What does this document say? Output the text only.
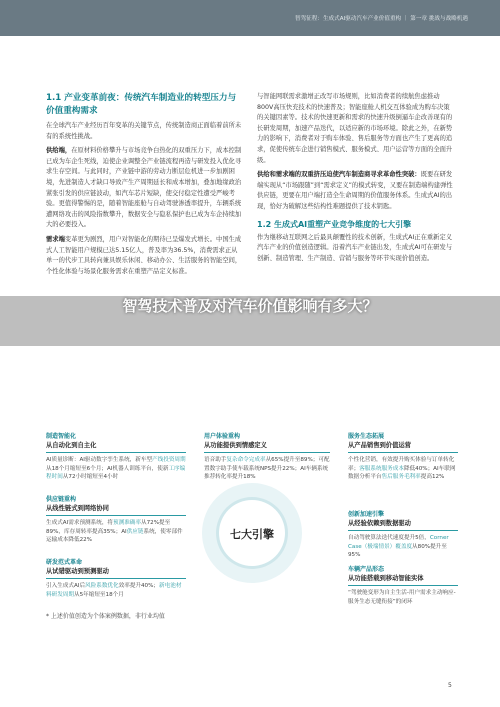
智驾征程：生成式AI驱动汽车产业价值重构 ｜ 第一章 挑战与战略机遇
1.1 产业变革前夜：传统汽车制造业的转型压力与价值重构需求
在全球汽车产业经历百年变革的关键节点，传统制造商正面临着前所未有的系统性挑战。
供给端，在原材料价格攀升与市场竞争白热化的双重压力下，成本控制已成为车企生死线，迫使企业调整全产业链流程再造与研发投入优化寻求生存空间。与此同时，产业链中游的劳动力断层危机进一步加剧困境，先进制造人才缺口导致产生产周期延长和成本增加，叠加地缘政治紧张引发的供应链波动，如汽车芯片短缺，使交付稳定性遭受严峻考验。更值得警惕的是，随着智能座舱与自动驾驶渗透率提升，车辆系统遭网络攻击的风险指数攀升，数据安全与隐私保护也已成为车企持续加大的必要投入。
需求端变革更为剧烈，用户对智能化的期待已呈爆发式增长。中国生成式人工智能用户规模已达5.15亿人，普及率为36.5%，消费需求正从单一的代步工具转向兼具娱乐休闲、移动办公、生活服务的智能空间，个性化体验与场景化服务需求在重塑产品定义标准。
与智能网联需求激增正改写市场规则，比如消费者的续航焦虑推动800V高压快充技术的快速普及；智能座舱人机交互体验成为购车决策的关键因素等。技术的快速更新和需求的快速升级倒逼车企改善现有的长研发周期，加速产品迭代，以适应新的市场环境。除此之外，在新势力的影响下，消费者对于购车体验、售后服务等方面也产生了更高的追求，促使传统车企进行销售模式、服务模式、用户运营等方面的全面升级。
供给和需求端的双重挤压迫使汽车制造商寻求革命性突破：既要在研发端实现从“市场跟随”到“需求定义”的模式转变，又要在制造端构建弹性供应链，更要在用户端打造全生命周期的价值服务体系。生成式AI的出现，恰好为破解这些结构性难题提供了技术钥匙。
1.2 生成式AI重塑产业竞争维度的七大引擎
作为继移动互联网之后最具颠覆性的技术创新，生成式AI正在重新定义汽车产业的价值创造逻辑。沿着汽车产业链出发，生成式AI可在研发与创新、制造管理、生产制造、营销与服务等环节实现价值创造。
智驾技术普及对汽车价值影响有多大？
制造智能化
从自动化到自主化
AI质量诊断：AI驱动数字孪生系统，新车型产线投资周期从18个月缩短至6个月；AI机器人训练平台，使新工序编程时间从72小时缩短至4小时
供应链重构
从线性链式到网络协同
生成式AI需求预测系统，将预测准确率从72%提至89%，库存周转率提高35%；AI供应链系统，使零部件运输成本降低22%
研发范式革命
从试错驱动到预测驱动
引入生成式AI后风险系数优化效率提升40%；新电池材料研发周期从5年缩短至18个月
用户体验重构
从功能提供到情感定义
语音助手复杂命令完成率从65%提升至89%；可配置数字助手使车载系统NPS提升22%；AI车辆系统推荐转化率提升18%
七大引擎
服务生态拓展
从产品销售到价值运营
个性化营销，有效提升购买体验与订单转化率；客服系统服务成本降低40%；AI车联网数据分析平台售后服务毛利率提高12%
创新加速引擎
从经验依赖到数据驱动
自动驾驶算法迭代速度提升5倍，Corner Case（极端情景）覆盖度从80%提升至95%
车辆产品形态
从功能搭载到移动智能实体
“驾驶舱变形为自主生活-用户需求主动响应-服务生态无缝衔接”的闭环
* 上述价值创造为个体案例数据，非行业均值
5
